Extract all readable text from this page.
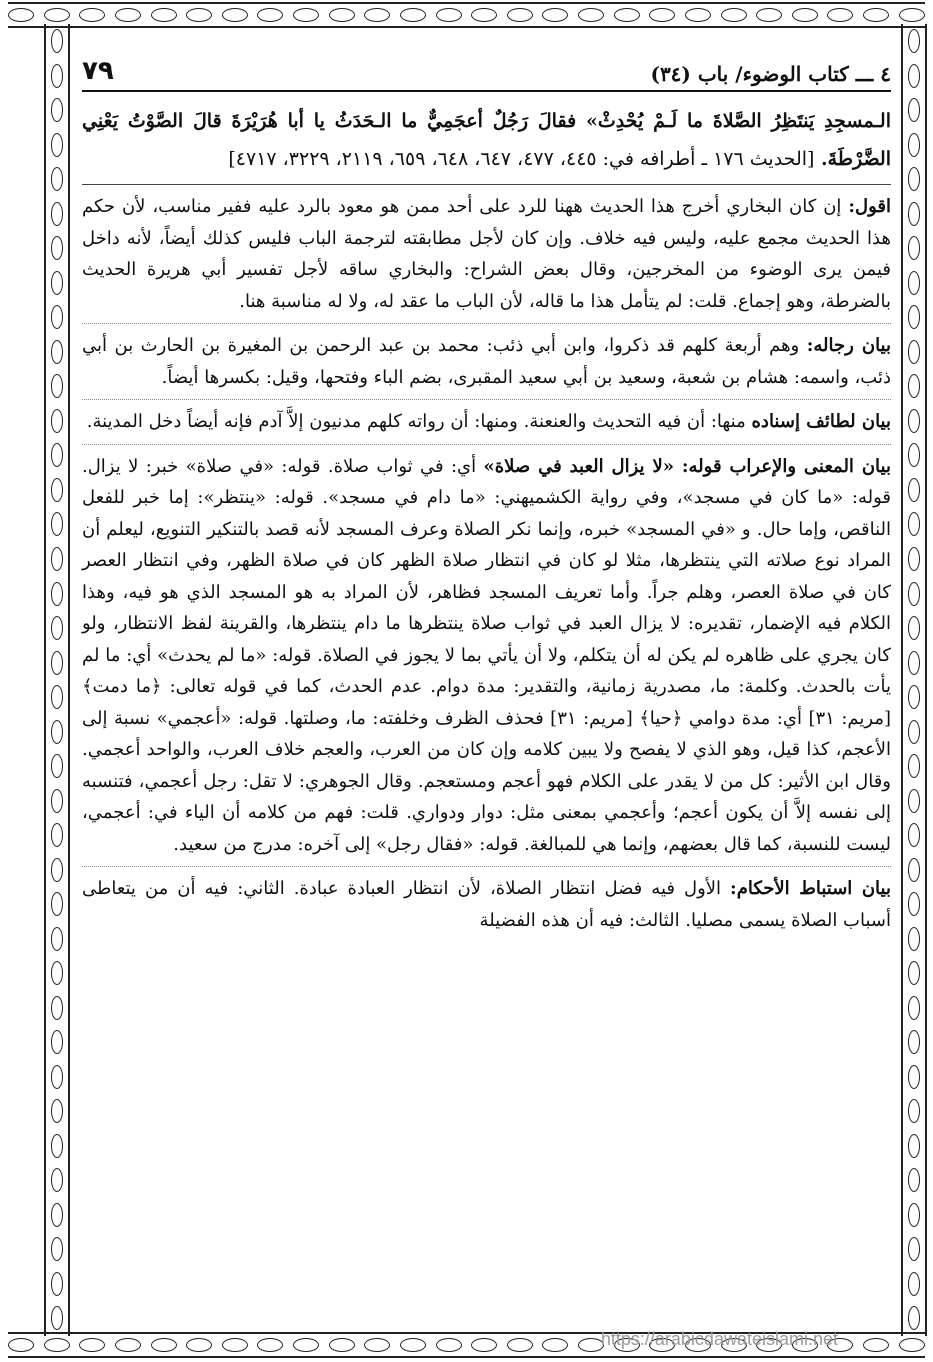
٤ ـــ كتاب الوضوء/ باب (٣٤)
٧٩
الـمسجِدِ يَنتَظِرُ الصَّلاةَ ما لَـمْ يُحْدِثْ» فقالَ رَجُلٌ أعجَمِيٌّ ما الـحَدَثُ يا أبا هُرَيْرَةَ قالَ الصَّوْتُ يَعْنِي الضَّرْطَةَ. [الحديث ١٧٦ ـ أطرافه في: ٤٤٥، ٤٧٧، ٦٤٧، ٦٤٨، ٦٥٩، ٢١١٩، ٣٢٢٩، ٤٧١٧]

اقول: إن كان البخاري أخرج هذا الحديث ههنا للرد على أحد ممن هو معود بالرد عليه ففير مناسب، لأن حكم هذا الحديث مجمع عليه، وليس فيه خلاف. وإن كان لأجل مطابقته لترجمة الباب فليس كذلك أيضاً، لأنه داخل فيمن يرى الوضوء من المخرجين، وقال بعض الشراح: والبخاري ساقه لأجل تفسير أبي هريرة الحديث بالضرطة، وهو إجماع. قلت: لم يتأمل هذا ما قاله، لأن الباب ما عقد له، ولا له مناسبة هنا.

بيان رجاله: وهم أربعة كلهم قد ذكروا، وابن أبي ذئب: محمد بن عبد الرحمن بن المغيرة بن الحارث بن أبي ذئب، واسمه: هشام بن شعبة، وسعيد بن أبي سعيد المقبرى، بضم الباء وفتحها، وقيل: بكسرها أيضاً.

بيان لطائف إسناده منها: أن فيه التحديث والعنعنة. ومنها: أن رواته كلهم مدنيون إلاَّ آدم فإنه أيضاً دخل المدينة.

بيان المعنى والإعراب قوله: «لا يزال العبد في صلاة» أي: في ثواب صلاة. قوله: «في صلاة» خبر: لا يزال. قوله: «ما كان في مسجد»، وفي رواية الكشميهني: «ما دام في مسجد». قوله: «ينتظر»: إما خبر للفعل الناقص، وإما حال. و «في المسجد» خبره، وإنما نكر الصلاة وعرف المسجد لأنه قصد بالتنكير التنويع، ليعلم أن المراد نوع صلاته التي ينتظرها، مثلا لو كان في انتظار صلاة الظهر كان في صلاة الظهر، وفي انتظار العصر كان في صلاة العصر، وهلم جراً. وأما تعريف المسجد فظاهر، لأن المراد به هو المسجد الذي هو فيه، وهذا الكلام فيه الإضمار، تقديره: لا يزال العبد في ثواب صلاة ينتظرها ما دام ينتظرها، والقرينة لفظ الانتظار، ولو كان يجري على ظاهره لم يكن له أن يتكلم، ولا أن يأتي بما لا يجوز في الصلاة. قوله: «ما لم يحدث» أي: ما لم يأت بالحدث. وكلمة: ما، مصدرية زمانية، والتقدير: مدة دوام. عدم الحدث، كما في قوله تعالى: ﴿ما دمت﴾ [مريم: ٣١] أي: مدة دوامي ﴿حيا﴾ [مريم: ٣١] فحذف الظرف وخلفته: ما، وصلتها. قوله: «أعجمي» نسبة إلى الأعجم، كذا قيل، وهو الذي لا يفصح ولا يبين كلامه وإن كان من العرب، والعجم خلاف العرب، والواحد أعجمي. وقال ابن الأثير: كل من لا يقدر على الكلام فهو أعجم ومستعجم. وقال الجوهري: لا تقل: رجل أعجمي، فتنسبه إلى نفسه إلاَّ أن يكون أعجم؛ وأعجمي بمعنى مثل: دوار ودواري. قلت: فهم من كلامه أن الياء في: أعجمي، ليست للنسبة، كما قال بعضهم، وإنما هي للمبالغة. قوله: «فقال رجل» إلى آخره: مدرج من سعيد.

بيان استباط الأحكام: الأول فيه فضل انتظار الصلاة، لأن انتظار العبادة عبادة. الثاني: فيه أن من يتعاطى أسباب الصلاة يسمى مصليا. الثالث: فيه أن هذه الفضيلة

https://arabicdawateislami.net
